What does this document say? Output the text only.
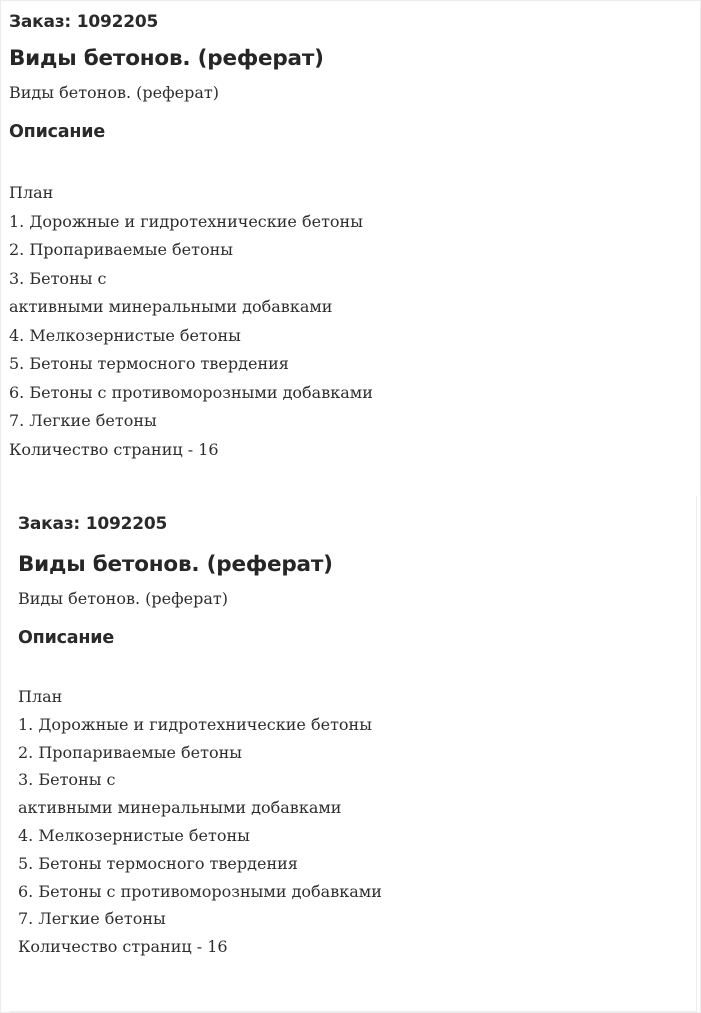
Заказ: 1092205

Виды бетонов. (реферат)

Виды бетонов. (реферат)

Описание
План
1. Дорожные и гидротехнические бетоны
2. Пропариваемые бетоны
3. Бетоны с
активными минеральными добавками
4. Мелкозернистые бетоны
5. Бетоны термосного твердения
6. Бетоны с противоморозными добавками
7. Легкие бетоны
Количество страниц - 16

Заказ: 1092205

Виды бетонов. (реферат)

Виды бетонов. (реферат)

Описание
План
1. Дорожные и гидротехнические бетоны
2. Пропариваемые бетоны
3. Бетоны с
активными минеральными добавками
4. Мелкозернистые бетоны
5. Бетоны термосного твердения
6. Бетоны с противоморозными добавками
7. Легкие бетоны
Количество страниц - 16
